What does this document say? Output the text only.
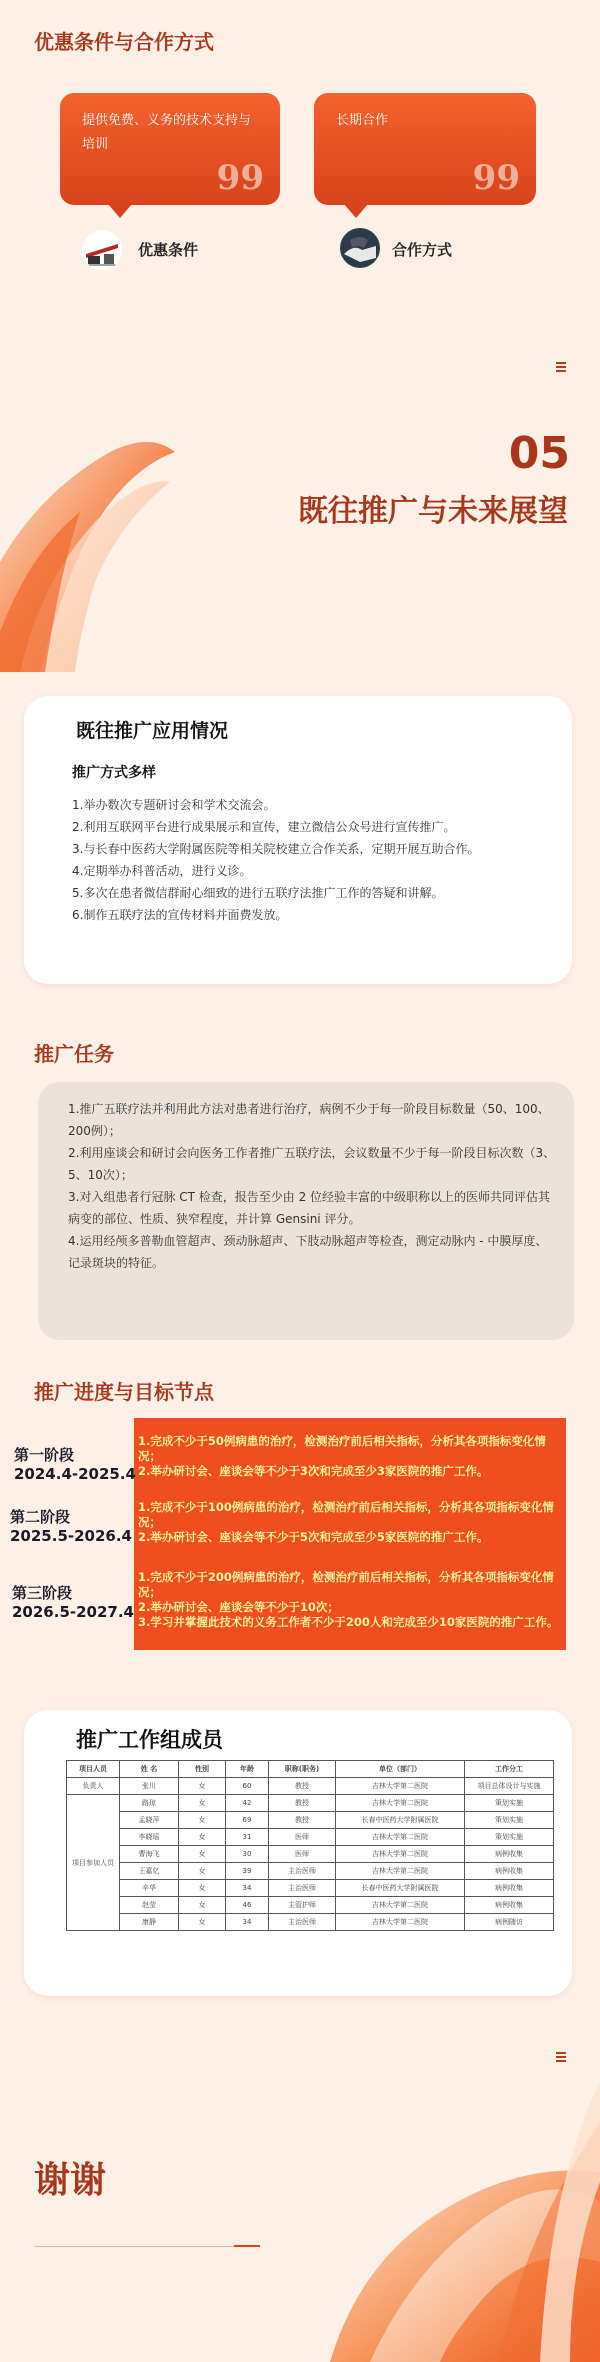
优惠条件与合作方式
提供免费、义务的技术支持与培训
99
长期合作
99
优惠条件	合作方式
05
既往推广与未来展望
既往推广应用情况
推广方式多样
1.举办数次专题研讨会和学术交流会。
2.利用互联网平台进行成果展示和宣传，建立微信公众号进行宣传推广。
3.与长春中医药大学附属医院等相关院校建立合作关系，定期开展互助合作。
4.定期举办科普活动，进行义诊。
5.多次在患者微信群耐心细致的进行五联疗法推广工作的答疑和讲解。
6.制作五联疗法的宣传材料并面费发放。
推广任务
1.推广五联疗法并利用此方法对患者进行治疗，病例不少于每一阶段目标数量（50、100、200例）；
2.利用座谈会和研讨会向医务工作者推广五联疗法，会议数量不少于每一阶段目标次数（3、5、10次）；
3.对入组患者行冠脉 CT 检查，报告至少由 2 位经验丰富的中级职称以上的医师共同评估其病变的部位、性质、狭窄程度，并计算 Gensini 评分。
4.运用经颅多普勒血管超声、颈动脉超声、下肢动脉超声等检查，测定动脉内 - 中膜厚度、记录斑块的特征。
推广进度与目标节点
第一阶段
2024.4-2025.4
1.完成不少于50例病患的治疗，检测治疗前后相关指标，分析其各项指标变化情况；
2.举办研讨会、座谈会等不少于3次和完成至少3家医院的推广工作。
第二阶段
2025.5-2026.4
1.完成不少于100例病患的治疗，检测治疗前后相关指标，分析其各项指标变化情况；
2.举办研讨会、座谈会等不少于5次和完成至少5家医院的推广工作。
第三阶段
2026.5-2027.4
1.完成不少于200例病患的治疗，检测治疗前后相关指标，分析其各项指标变化情况；
2.举办研讨会、座谈会等不少于10次；
3.学习并掌握此技术的义务工作者不少于200人和完成至少10家医院的推广工作。
推广工作组成员
项目人员	姓 名	性别	年龄	职称(职务)	单位（部门）	工作分工
负责人	张川	女	60	教授	吉林大学第二医院	项目总体设计与实施
项目参加人员	路琼	女	42	教授	吉林大学第二医院	策划实施
	孟晓萍	女	69	教授	长春中医药大学附属医院	策划实施
	李晓瑶	女	31	医师	吉林大学第二医院	策划实施
	曹海飞	女	30	医师	吉林大学第二医院	病例收集
	王嘉亿	女	39	主治医师	吉林大学第二医院	病例收集
	辛华	女	34	主治医师	长春中医药大学附属医院	病例收集
	赵莹	女	46	主管护师	吉林大学第二医院	病例收集
	康静	女	34	主治医师	吉林大学第二医院	病例随访
谢谢
